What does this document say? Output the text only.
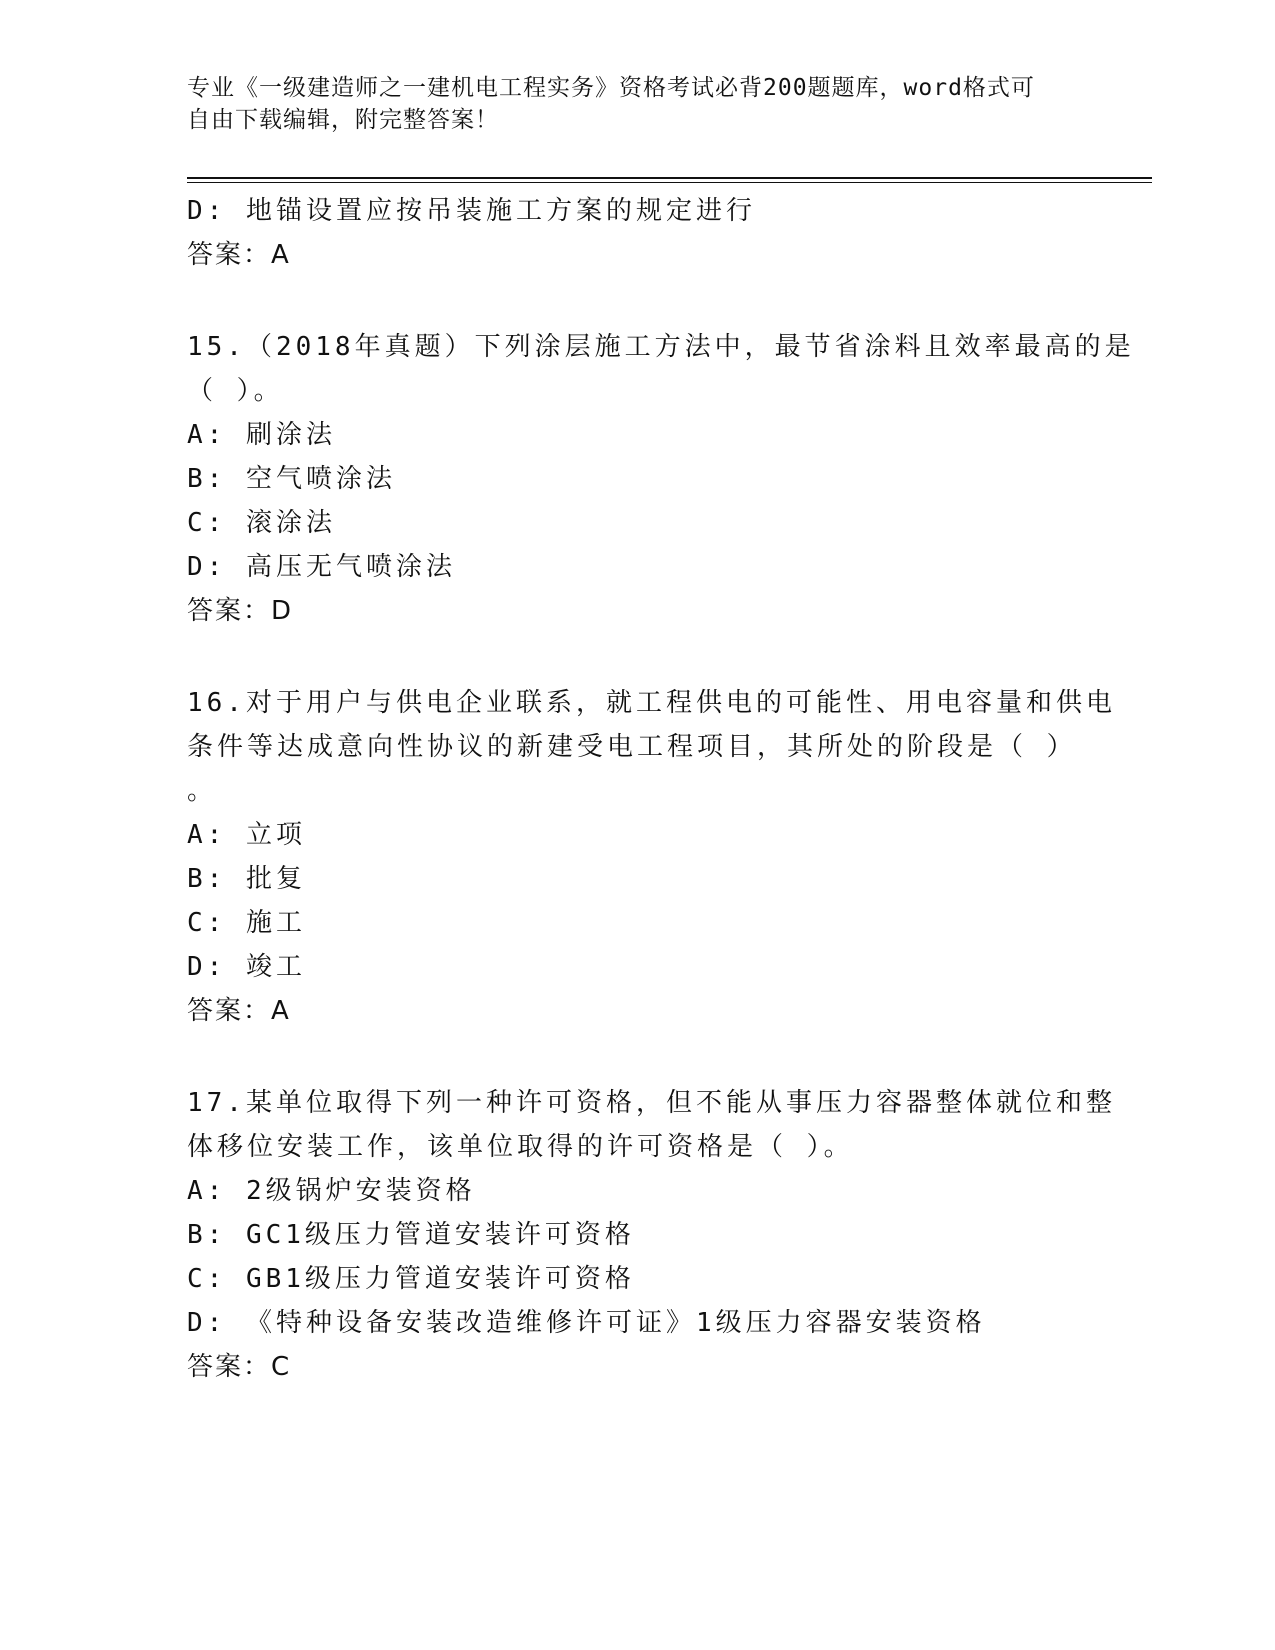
专业《一级建造师之一建机电工程实务》资格考试必背200题题库，word格式可
自由下载编辑，附完整答案！
D: 地锚设置应按吊装施工方案的规定进行
答案：A
15.（2018年真题）下列涂层施工方法中，最节省涂料且效率最高的是
（ ）。
A: 刷涂法
B: 空气喷涂法
C: 滚涂法
D: 高压无气喷涂法
答案：D
16.对于用户与供电企业联系，就工程供电的可能性、用电容量和供电
条件等达成意向性协议的新建受电工程项目，其所处的阶段是（ ）
。
A: 立项
B: 批复
C: 施工
D: 竣工
答案：A
17.某单位取得下列一种许可资格，但不能从事压力容器整体就位和整
体移位安装工作，该单位取得的许可资格是（ ）。
A: 2级锅炉安装资格
B: GC1级压力管道安装许可资格
C: GB1级压力管道安装许可资格
D: 《特种设备安装改造维修许可证》1级压力容器安装资格
答案：C
